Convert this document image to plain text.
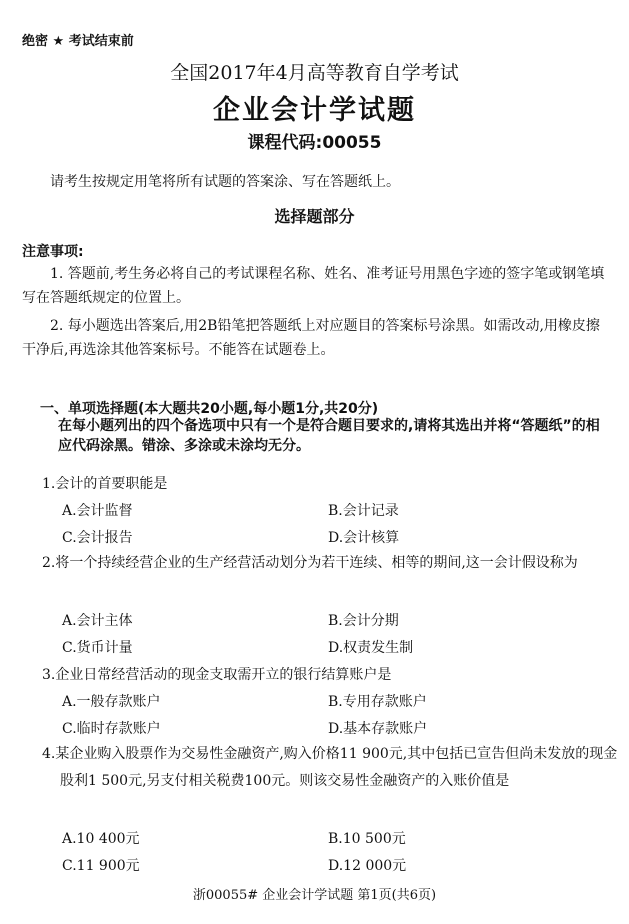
绝密 ★ 考试结束前
全国2017年4月高等教育自学考试
企业会计学试题
课程代码:00055
请考生按规定用笔将所有试题的答案涂、写在答题纸上。
选择题部分
注意事项:
1. 答题前,考生务必将自己的考试课程名称、姓名、准考证号用黑色字迹的签字笔或钢笔填写在答题纸规定的位置上。
2. 每小题选出答案后,用2B铅笔把答题纸上对应题目的答案标号涂黑。如需改动,用橡皮擦干净后,再选涂其他答案标号。不能答在试题卷上。
一、单项选择题(本大题共20小题,每小题1分,共20分)
在每小题列出的四个备选项中只有一个是符合题目要求的,请将其选出并将“答题纸”的相应代码涂黑。错涂、多涂或未涂均无分。
1.会计的首要职能是
A.会计监督	B.会计记录
C.会计报告	D.会计核算
2.将一个持续经营企业的生产经营活动划分为若干连续、相等的期间,这一会计假设称为
A.会计主体	B.会计分期
C.货币计量	D.权责发生制
3.企业日常经营活动的现金支取需开立的银行结算账户是
A.一般存款账户	B.专用存款账户
C.临时存款账户	D.基本存款账户
4.某企业购入股票作为交易性金融资产,购入价格11 900元,其中包括已宣告但尚未发放的现金股利1 500元,另支付相关税费100元。则该交易性金融资产的入账价值是
A.10 400元	B.10 500元
C.11 900元	D.12 000元
浙00055# 企业会计学试题 第1页(共6页)
